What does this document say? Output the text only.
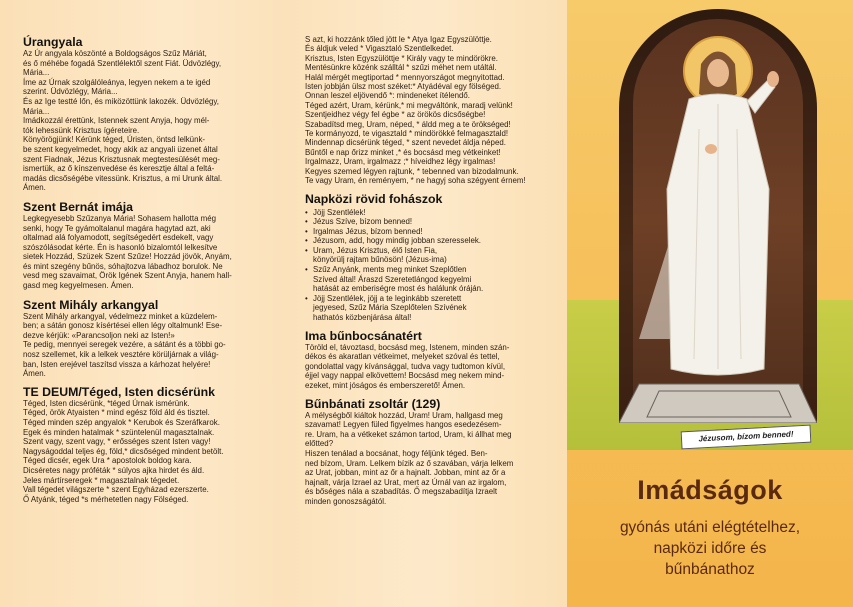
Úrangyala

Az Úr angyala köszönté a Boldogságos Szűz Máriát,
és ő méhébe fogadá Szentlélektől szent Fiát. Üdvözlégy,
Mária...
Íme az Úrnak szolgálóleánya, legyen nekem a te igéd
szerint. Üdvözlégy, Mária...
És az Ige testté lőn, és miközöttünk lakozék. Üdvözlégy,
Mária...
Imádkozzál érettünk, Istennek szent Anyja, hogy mél-
tók lehessünk Krisztus ígéreteire.
Könyörögjünk! Kérünk téged, Úristen, öntsd lelkünk-
be szent kegyelmedet, hogy akik az angyali üzenet által
szent Fiadnak, Jézus Krisztusnak megtestesülését meg-
ismertük, az ő kínszenvedése és keresztje által a feltá-
madás dicsőségébe vitessünk. Krisztus, a mi Urunk által.
Ámen.

Szent Bernát imája

Legkegyesebb Szűzanya Mária! Sohasem hallotta még
senki, hogy Te gyámoltalanul magára hagytad azt, aki
oltalmad alá folyamodott, segítségedért esdekelt, vagy
szószólásodat kérte. Én is hasonló bizalomtól lelkesítve
sietek Hozzád, Szüzek Szent Szűze! Hozzád jövök, Anyám,
és mint szegény bűnös, sóhajtozva lábadhoz borulok. Ne
vesd meg szavaimat, Örök Igének Szent Anyja, hanem hall-
gasd meg kegyelmesen. Ámen.

Szent Mihály arkangyal

Szent Mihály arkangyal, védelmezz minket a küzdelem-
ben; a sátán gonosz kísértései ellen légy oltalmunk! Ese-
dezve kérjük: «Parancsoljon neki az Isten!»
Te pedig, mennyei seregek vezére, a sátánt és a többi go-
nosz szellemet, kik a lelkek vesztére körüljárnak a világ-
ban, Isten erejével taszítsd vissza a kárhozat helyére!
Ámen.

TE DEUM/Téged, Isten dicsérünk

Téged, Isten dicsérünk, *téged Úrnak ismérünk.
Téged, örök Atyaisten * mind egész föld áld és tisztel.
Téged minden szép angyalok * Kerubok és Szeráfkarok.
Egek és minden hatalmak * szüntelenül magasztalnak.
Szent vagy, szent vagy, * erősséges szent Isten vagy!
Nagyságoddal teljes ég, föld,* dicsőséged mindent betölt.
Téged dicsér, egek Ura * apostolok boldog kara.
Dicséretes nagy próféták * súlyos ajka hirdet és áld.
Jeles mártírseregek * magasztalnak tégedet.
Vall tégedet világszerte * szent Egyházad ezerszerte.
Ő Atyánk, téged *s mérhetetlen nagy Fölséged.

S azt, ki hozzánk tőled jött le * Atya Igaz Egyszülöttje.
És áldjuk veled * Vigasztaló Szentlelkedet.
Krisztus, Isten Egyszülöttje * Király vagy te mindörökre.
Mentésünkre közénk szálltál * szűzi méhet nem utáltál.
Halál mérgét megtiportad * mennyországot megnyitottad.
Isten jobbján ülsz most széket:* Atyádéval egy fölséged.
Onnan leszel eljövendő *: mindeneket ítélendő.
Téged azért, Uram, kérünk,* mi megváltónk, maradj velünk!
Szentjeidhez végy fel égbe * az örökös dicsőségbe!
Szabadítsd meg, Uram, néped, * áldd meg a te örökséged!
Te kormányozd, te vigasztald * mindörökké felmagasztald!
Mindennap dicsérünk téged, * szent nevedet áldja néped.
Bűntől e nap őrizz minket ,* és bocsásd meg vétkeinket!
Irgalmazz, Uram, irgalmazz ;* híveidhez légy irgalmas!
Kegyes szemed légyen rajtunk, * tebenned van bizodalmunk.
Te vagy Uram, én reményem, * ne hagyj soha szégyent érnem!

Napközi rövid fohászok
• Jöjj Szentlélek!
• Jézus Szíve, bízom benned!
• Irgalmas Jézus, bízom benned!
• Jézusom, add, hogy mindig jobban szeresselek.
• Uram, Jézus Krisztus, élő Isten Fia,
könyörülj rajtam bűnösön! (Jézus-ima)
• Szűz Anyánk, ments meg minket Szeplőtlen
Szíved által! Áraszd Szeretetlángod kegyelmi
hatását az emberiségre most és halálunk óráján.
• Jöjj Szentlélek, jöjj a te leginkább szeretett
jegyesed, Szűz Mária Szeplőtelen Szívének
hathatós közbenjárása által!
Ima bűnbocsánatért

Töröld el, távoztasd, bocsásd meg, Istenem, minden szán-
dékos és akaratlan vétkeimet, melyeket szóval és tettel,
gondolattal vagy kívánsággal, tudva vagy tudtomon kívül,
éjjel vagy nappal elkövettem! Bocsásd meg nekem mind-
ezeket, mint jóságos és emberszerető! Ámen.

Bűnbánati zsoltár (129)

A mélységből kiáltok hozzád, Uram! Uram, hallgasd meg
szavamat! Legyen füled figyelmes hangos esedezésem-
re. Uram, ha a vétkeket számon tartod, Uram, ki állhat meg
előtted?
Hiszen tenálad a bocsánat, hogy féljünk téged. Ben-
ned bízom, Uram. Lelkem bízik az ő szavában, várja lelkem
az Urat, jobban, mint az őr a hajnalt. Jobban, mint az őr a
hajnalt, várja Izrael az Urat, mert az Úrnál van az irgalom,
és bőséges nála a szabadítás. Ő megszabadítja Izraelt
minden gonoszságától.

Jézusom, bízom benned!
Imádságok

gyónás utáni elégtételhez,

napközi időre és

bűnbánathoz
